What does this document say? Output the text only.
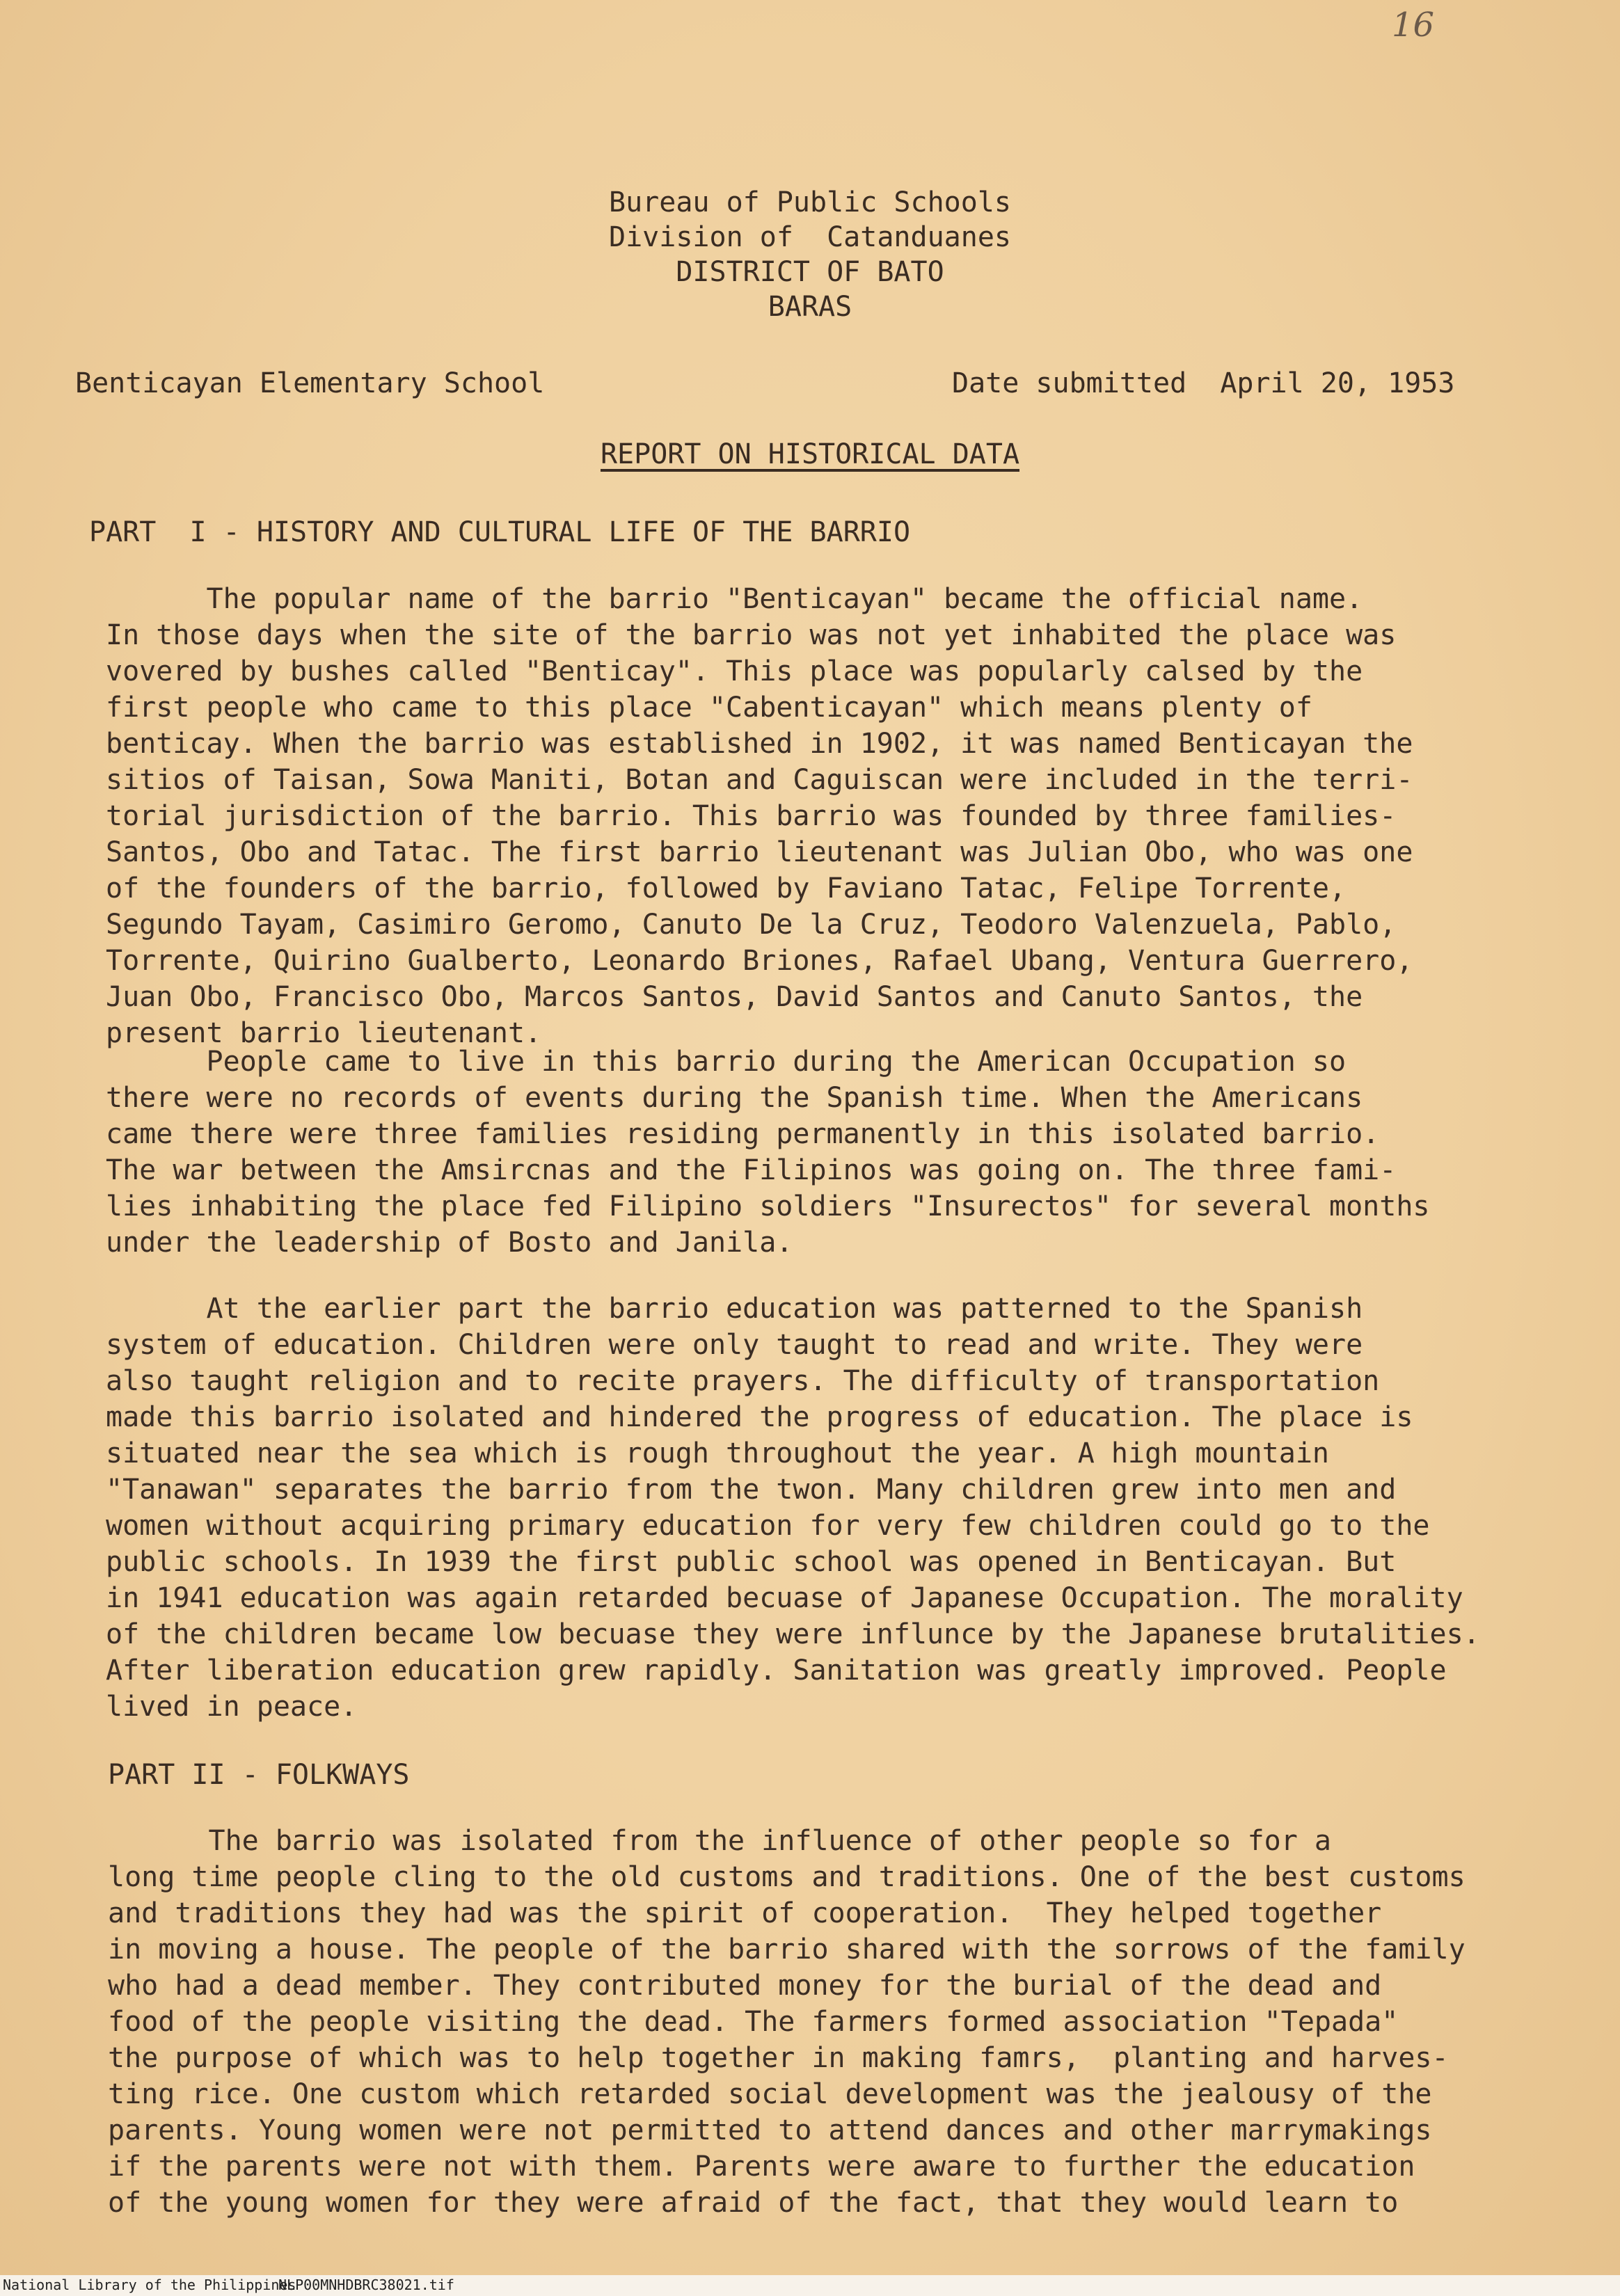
16
Bureau of Public Schools
Division of  Catanduanes
DISTRICT OF BATO
BARAS
Benticayan Elementary School	Date submitted  April 20, 1953
REPORT ON HISTORICAL DATA
PART  I - HISTORY AND CULTURAL LIFE OF THE BARRIO
The popular name of the barrio "Benticayan" became the official name.
In those days when the site of the barrio was not yet inhabited the place was
vovered by bushes called "Benticay". This place was popularly calsed by the
first people who came to this place "Cabenticayan" which means plenty of
benticay. When the barrio was established in 1902, it was named Benticayan the
sitios of Taisan, Sowa Maniti, Botan and Caguiscan were included in the terri-
torial jurisdiction of the barrio. This barrio was founded by three families-
Santos, Obo and Tatac. The first barrio lieutenant was Julian Obo, who was one
of the founders of the barrio, followed by Faviano Tatac, Felipe Torrente,
Segundo Tayam, Casimiro Geromo, Canuto De la Cruz, Teodoro Valenzuela, Pablo,
Torrente, Quirino Gualberto, Leonardo Briones, Rafael Ubang, Ventura Guerrero,
Juan Obo, Francisco Obo, Marcos Santos, David Santos and Canuto Santos, the
present barrio lieutenant.
People came to live in this barrio during the American Occupation so
there were no records of events during the Spanish time. When the Americans
came there were three families residing permanently in this isolated barrio.
The war between the Amsircnas and the Filipinos was going on. The three fami-
lies inhabiting the place fed Filipino soldiers "Insurectos" for several months
under the leadership of Bosto and Janila.
At the earlier part the barrio education was patterned to the Spanish
system of education. Children were only taught to read and write. They were
also taught religion and to recite prayers. The difficulty of transportation
made this barrio isolated and hindered the progress of education. The place is
situated near the sea which is rough throughout the year. A high mountain
"Tanawan" separates the barrio from the twon. Many children grew into men and
women without acquiring primary education for very few children could go to the
public schools. In 1939 the first public school was opened in Benticayan. But
in 1941 education was again retarded becuase of Japanese Occupation. The morality
of the children became low becuase they were influnce by the Japanese brutalities.
After liberation education grew rapidly. Sanitation was greatly improved. People
lived in peace.
PART II - FOLKWAYS
The barrio was isolated from the influence of other people so for a
long time people cling to the old customs and traditions. One of the best customs
and traditions they had was the spirit of cooperation.  They helped together
in moving a house. The people of the barrio shared with the sorrows of the family
who had a dead member. They contributed money for the burial of the dead and
food of the people visiting the dead. The farmers formed association "Tepada"
the purpose of which was to help together in making famrs,  planting and harves-
ting rice. One custom which retarded social development was the jealousy of the
parents. Young women were not permitted to attend dances and other marrymakings
if the parents were not with them. Parents were aware to further the education
of the young women for they were afraid of the fact, that they would learn to
National Library of the Philippines
NLP00MNHDBRC38021.tif
